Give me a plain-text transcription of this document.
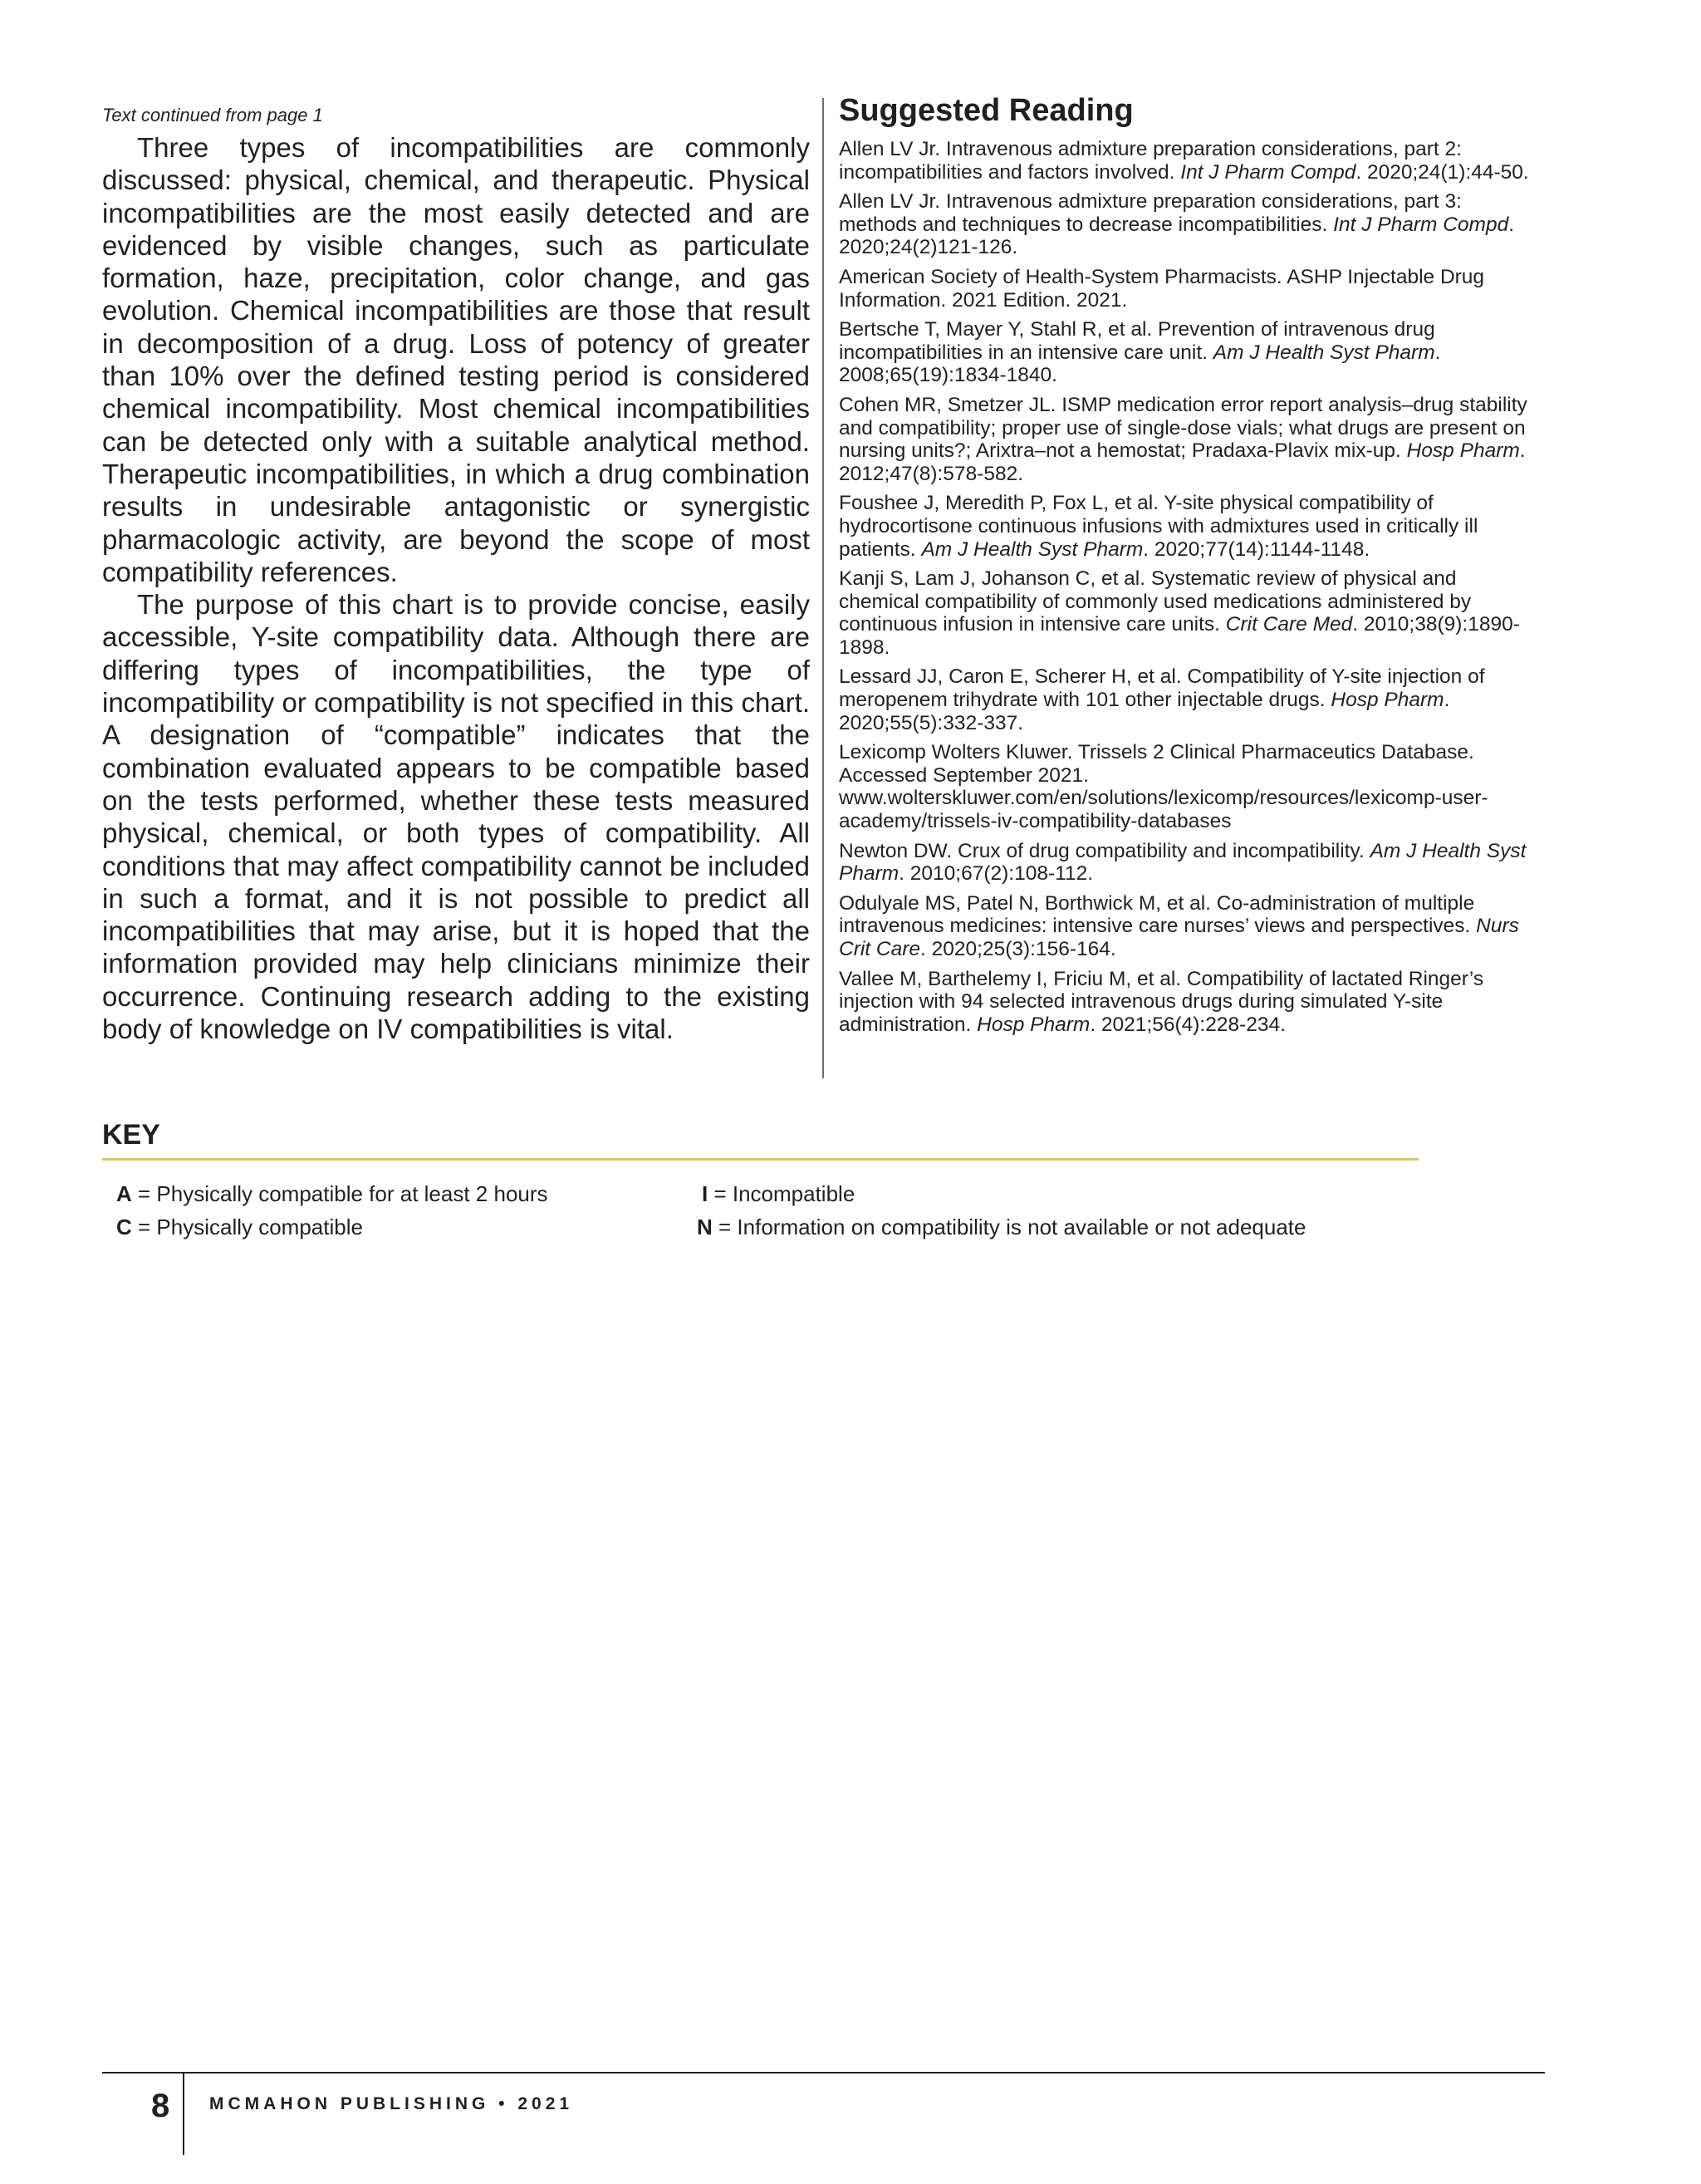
Text continued from page 1

Three types of incompatibilities are commonly discussed: physical, chemical, and therapeutic. Physical incompatibilities are the most easily detected and are evidenced by visible changes, such as particulate formation, haze, precipitation, color change, and gas evolution. Chemical incompatibilities are those that result in decomposition of a drug. Loss of potency of greater than 10% over the defined testing period is considered chemical incompatibility. Most chemical incompatibilities can be detected only with a suitable analytical method. Therapeutic incompatibilities, in which a drug combination results in undesirable antagonistic or synergistic pharmacologic activity, are beyond the scope of most compatibility references.

The purpose of this chart is to provide concise, easily accessible, Y-site compatibility data. Although there are differing types of incompatibilities, the type of incompatibility or compatibility is not specified in this chart. A designation of “compatible” indicates that the combination evaluated appears to be compatible based on the tests performed, whether these tests measured physical, chemical, or both types of compatibility. All conditions that may affect compatibility cannot be included in such a format, and it is not possible to predict all incompatibilities that may arise, but it is hoped that the information provided may help clinicians minimize their occurrence. Continuing research adding to the existing body of knowledge on IV compatibilities is vital.

Suggested Reading

Allen LV Jr. Intravenous admixture preparation considerations, part 2: incompatibilities and factors involved. Int J Pharm Compd. 2020;24(1):44-50.

Allen LV Jr. Intravenous admixture preparation considerations, part 3: methods and techniques to decrease incompatibilities. Int J Pharm Compd. 2020;24(2)121-126.

American Society of Health-System Pharmacists. ASHP Injectable Drug Information. 2021 Edition. 2021.

Bertsche T, Mayer Y, Stahl R, et al. Prevention of intravenous drug incompatibilities in an intensive care unit. Am J Health Syst Pharm. 2008;65(19):1834-1840.

Cohen MR, Smetzer JL. ISMP medication error report analysis–drug stability and compatibility; proper use of single-dose vials; what drugs are present on nursing units?; Arixtra–not a hemostat; Pradaxa-Plavix mix-up. Hosp Pharm. 2012;47(8):578-582.

Foushee J, Meredith P, Fox L, et al. Y-site physical compatibility of hydrocortisone continuous infusions with admixtures used in critically ill patients. Am J Health Syst Pharm. 2020;77(14):1144-1148.

Kanji S, Lam J, Johanson C, et al. Systematic review of physical and chemical compatibility of commonly used medications administered by continuous infusion in intensive care units. Crit Care Med. 2010;38(9):1890-1898.

Lessard JJ, Caron E, Scherer H, et al. Compatibility of Y-site injection of meropenem trihydrate with 101 other injectable drugs. Hosp Pharm. 2020;55(5):332-337.

Lexicomp Wolters Kluwer. Trissels 2 Clinical Pharmaceutics Database. Accessed September 2021. www.wolterskluwer.com/en/solutions/lexicomp/resources/lexicomp-user-academy/trissels-iv-compatibility-databases

Newton DW. Crux of drug compatibility and incompatibility. Am J Health Syst Pharm. 2010;67(2):108-112.

Odulyale MS, Patel N, Borthwick M, et al. Co-administration of multiple intravenous medicines: intensive care nurses’ views and perspectives. Nurs Crit Care. 2020;25(3):156-164.

Vallee M, Barthelemy I, Friciu M, et al. Compatibility of lactated Ringer’s injection with 94 selected intravenous drugs during simulated Y-site administration. Hosp Pharm. 2021;56(4):228-234.

KEY
A = Physically compatible for at least 2 hours
C = Physically compatible
I = Incompatible
N = Information on compatibility is not available or not adequate
8 MCMAHON PUBLISHING • 2021
